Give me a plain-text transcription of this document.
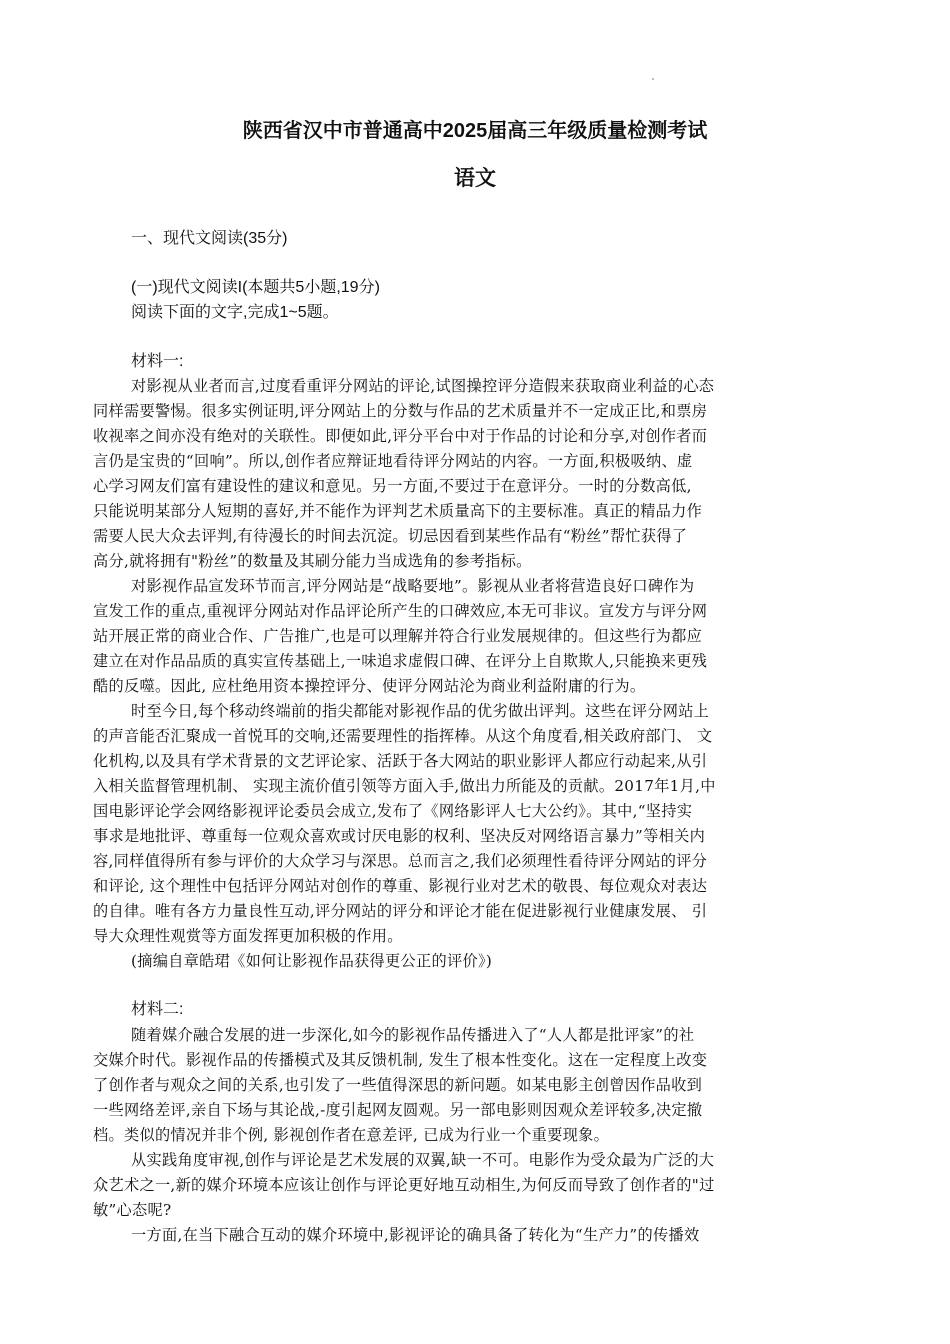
陕西省汉中市普通高中2025届高三年级质量检测考试
语文

一、现代文阅读(35分)

(一)现代文阅读I(本题共5小题,19分)

阅读下面的文字,完成1~5题。

材料一:

对影视从业者而言,过度看重评分网站的评论,试图操控评分造假来获取商业利益的心态

同样需要警惕。很多实例证明,评分网站上的分数与作品的艺术质量并不一定成正比,和票房

收视率之间亦没有绝对的关联性。即便如此,评分平台中对于作品的讨论和分享,对创作者而

言仍是宝贵的“回响”。所以,创作者应辩证地看待评分网站的内容。一方面,积极吸纳、虚

心学习网友们富有建设性的建议和意见。另一方面,不要过于在意评分。一时的分数高低,

只能说明某部分人短期的喜好,并不能作为评判艺术质量高下的主要标准。真正的精品力作

需要人民大众去评判,有待漫长的时间去沉淀。切忌因看到某些作品有“粉丝”帮忙获得了

高分,就将拥有"粉丝”的数量及其刷分能力当成选角的参考指标。

对影视作品宣发环节而言,评分网站是“战略要地”。影视从业者将营造良好口碑作为

宣发工作的重点,重视评分网站对作品评论所产生的口碑效应,本无可非议。宣发方与评分网

站开展正常的商业合作、广告推广,也是可以理解并符合行业发展规律的。但这些行为都应

建立在对作品品质的真实宣传基础上,一味追求虚假口碑、在评分上自欺欺人,只能换来更残

酷的反噬。因此, 应杜绝用资本操控评分、使评分网站沦为商业利益附庸的行为。

时至今日,每个移动终端前的指尖都能对影视作品的优劣做出评判。这些在评分网站上

的声音能否汇聚成一首悦耳的交响,还需要理性的指挥棒。从这个角度看,相关政府部门、 文

化机构,以及具有学术背景的文艺评论家、活跃于各大网站的职业影评人都应行动起来,从引

入相关监督管理机制、 实现主流价值引领等方面入手,做出力所能及的贡献。2017年1月,中

国电影评论学会网络影视评论委员会成立,发布了《网络影评人七大公约》。其中,“坚持实

事求是地批评、尊重每一位观众喜欢或讨厌电影的权利、坚决反对网络语言暴力”等相关内

容,同样值得所有参与评价的大众学习与深思。总而言之,我们必须理性看待评分网站的评分

和评论, 这个理性中包括评分网站对创作的尊重、影视行业对艺术的敬畏、每位观众对表达

的自律。唯有各方力量良性互动,评分网站的评分和评论才能在促进影视行业健康发展、 引

导大众理性观赏等方面发挥更加积极的作用。

(摘编自章皓珺《如何让影视作品获得更公正的评价》)

材料二:

随着媒介融合发展的进一步深化,如今的影视作品传播进入了“人人都是批评家”的社

交媒介时代。影视作品的传播模式及其反馈机制, 发生了根本性变化。这在一定程度上改变

了创作者与观众之间的关系,也引发了一些值得深思的新问题。如某电影主创曾因作品收到

一些网络差评,亲自下场与其论战,-度引起网友圆观。另一部电影则因观众差评较多,决定撤

档。类似的情况并非个例, 影视创作者在意差评, 已成为行业一个重要现象。

从实践角度审视,创作与评论是艺术发展的双翼,缺一不可。电影作为受众最为广泛的大

众艺术之一,新的媒介环境本应该让创作与评论更好地互动相生,为何反而导致了创作者的"过

敏”心态呢?

一方面,在当下融合互动的媒介环境中,影视评论的确具备了转化为“生产力”的传播效
